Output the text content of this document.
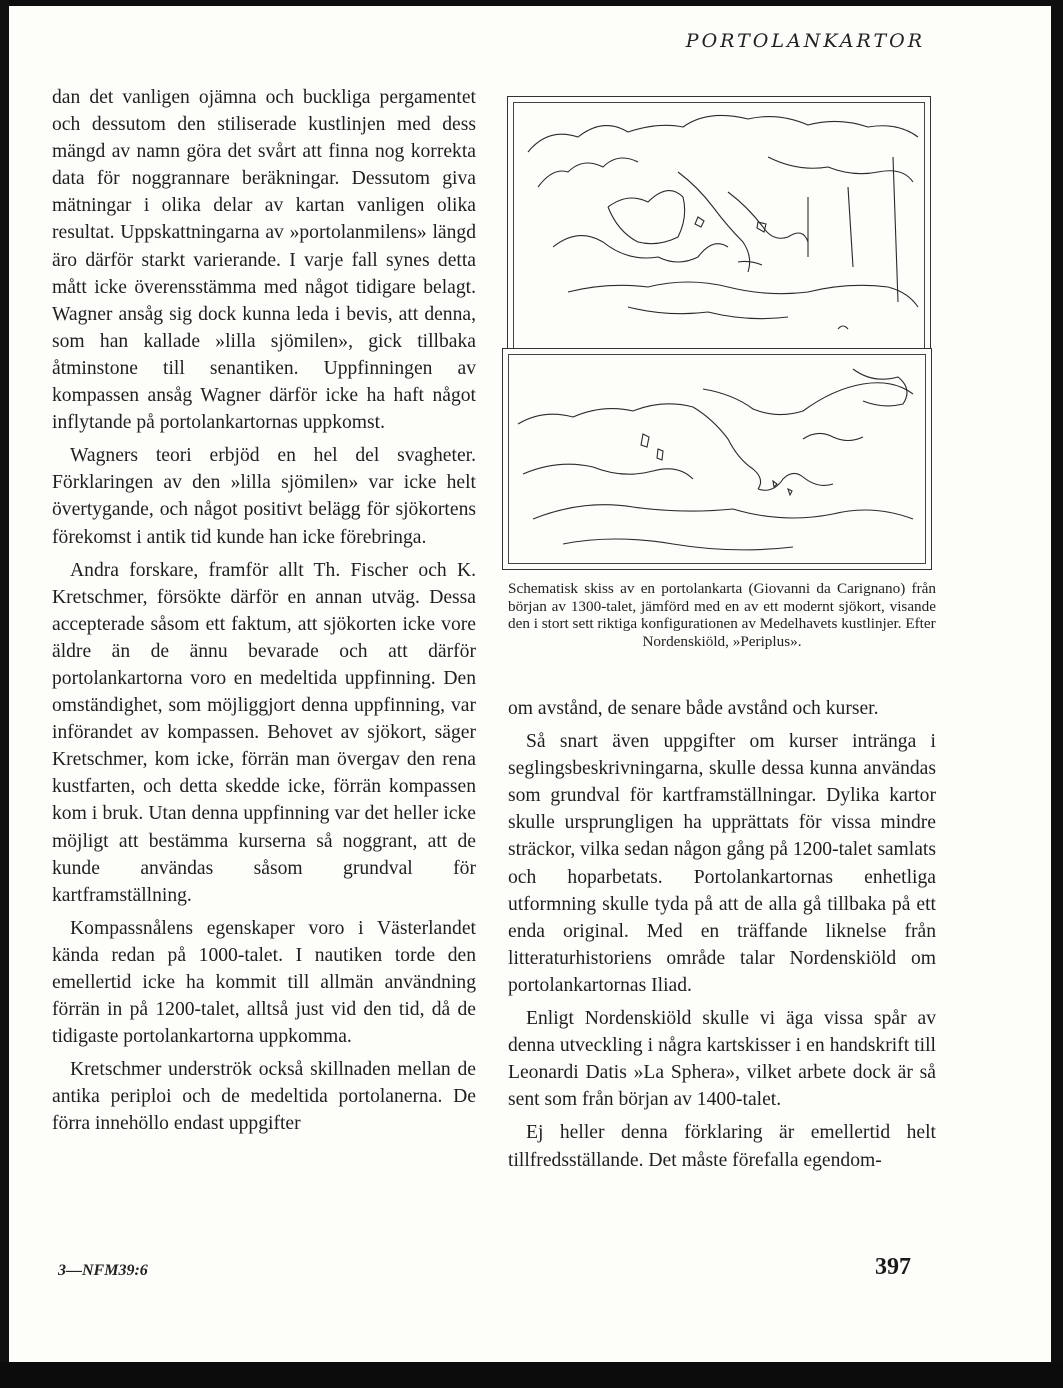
PORTOLANKARTOR

dan det vanligen ojämna och buckliga pergamentet och dessutom den stiliserade kustlinjen med dess mängd av namn göra det svårt att finna nog korrekta data för noggrannare beräkningar. Dessutom giva mätningar i olika delar av kartan vanligen olika resultat. Uppskattningarna av »portolanmilens» längd äro därför starkt varierande. I varje fall synes detta mått icke överensstämma med något tidigare belagt. Wagner ansåg sig dock kunna leda i bevis, att denna, som han kallade »lilla sjömilen», gick tillbaka åtminstone till senantiken. Uppfinningen av kompassen ansåg Wagner därför icke ha haft något inflytande på portolankartornas uppkomst.

Wagners teori erbjöd en hel del svagheter. Förklaringen av den »lilla sjömilen» var icke helt övertygande, och något positivt belägg för sjökortens förekomst i antik tid kunde han icke förebringa.

Andra forskare, framför allt Th. Fischer och K. Kretschmer, försökte därför en annan utväg. Dessa accepterade såsom ett faktum, att sjökorten icke vore äldre än de ännu bevarade och att därför portolankartorna voro en medeltida uppfinning. Den omständighet, som möjliggjort denna uppfinning, var införandet av kompassen. Behovet av sjökort, säger Kretschmer, kom icke, förrän man övergav den rena kustfarten, och detta skedde icke, förrän kompassen kom i bruk. Utan denna uppfinning var det heller icke möjligt att bestämma kurserna så noggrant, att de kunde användas såsom grundval för kartframställning.

Kompassnålens egenskaper voro i Västerlandet kända redan på 1000-talet. I nautiken torde den emellertid icke ha kommit till allmän användning förrän in på 1200-talet, alltså just vid den tid, då de tidigaste portolankartorna uppkomma.

Kretschmer underströk också skillnaden mellan de antika periploi och de medeltida portolanerna. De förra innehöllo endast uppgifter

Schematisk skiss av en portolankarta (Giovanni da Carignano) från början av 1300-talet, jämförd med en av ett modernt sjökort, visande den i stort sett riktiga konfigurationen av Medelhavets kustlinjer. Efter
Nordenskiöld, »Periplus».

om avstånd, de senare både avstånd och kurser.

Så snart även uppgifter om kurser intränga i seglingsbeskrivningarna, skulle dessa kunna användas som grundval för kartframställningar. Dylika kartor skulle ursprungligen ha upprättats för vissa mindre sträckor, vilka sedan någon gång på 1200-talet samlats och hoparbetats. Portolankartornas enhetliga utformning skulle tyda på att de alla gå tillbaka på ett enda original. Med en träffande liknelse från litteraturhistoriens område talar Nordenskiöld om portolankartornas Iliad.

Enligt Nordenskiöld skulle vi äga vissa spår av denna utveckling i några kartskisser i en handskrift till Leonardi Datis »La Sphera», vilket arbete dock är så sent som från början av 1400-talet.

Ej heller denna förklaring är emellertid helt tillfredsställande. Det måste förefalla egendom-

3—NFM39:6	397
